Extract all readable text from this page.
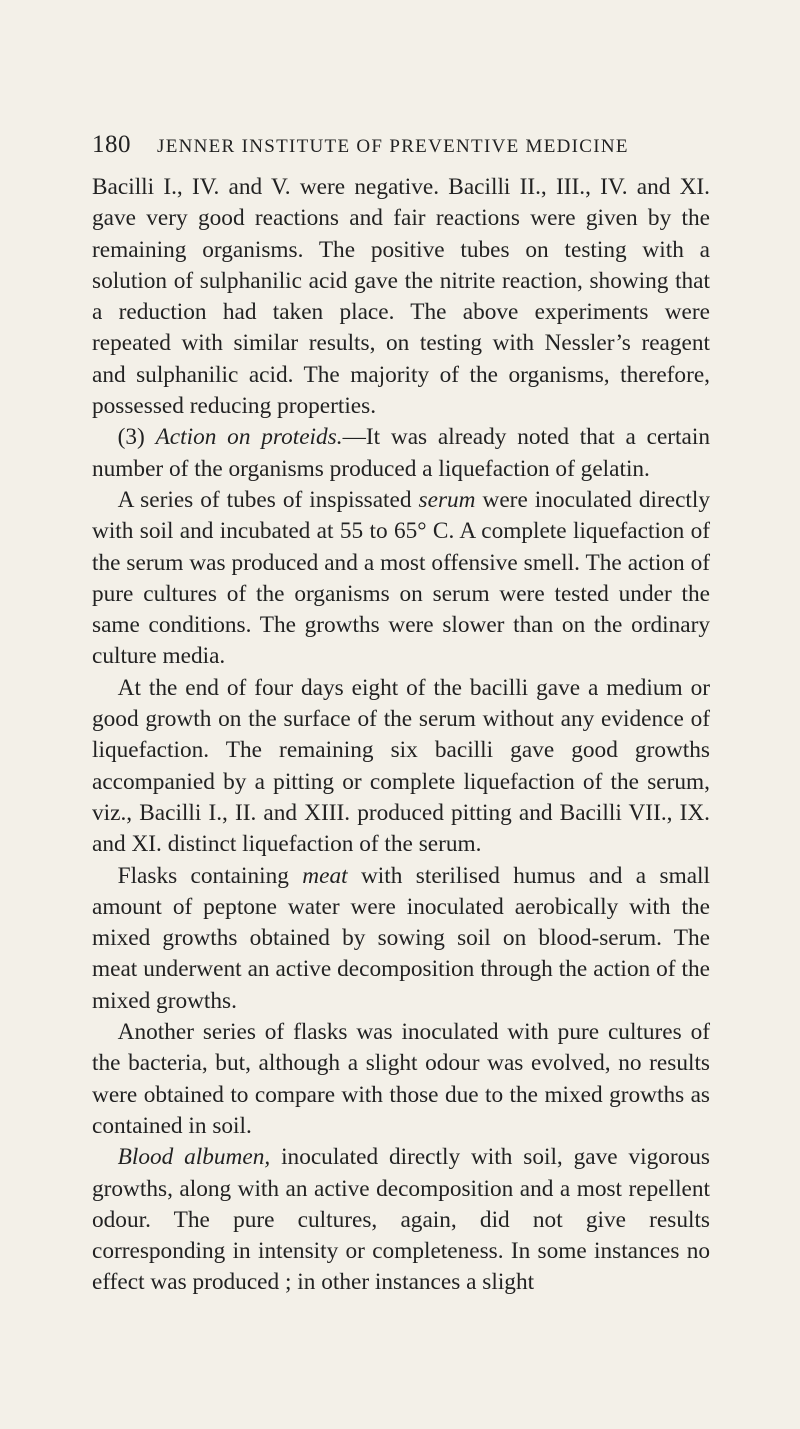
180 JENNER INSTITUTE OF PREVENTIVE MEDICINE

Bacilli I., IV. and V. were negative. Bacilli II., III., IV. and XI. gave very good reactions and fair reactions were given by the remaining organisms. The positive tubes on testing with a solution of sulphanilic acid gave the nitrite reaction, showing that a reduction had taken place. The above experiments were repeated with similar results, on testing with Nessler’s reagent and sulphanilic acid. The majority of the organisms, therefore, possessed reducing properties.

(3) Action on proteids.—It was already noted that a certain number of the organisms produced a liquefaction of gelatin.

A series of tubes of inspissated serum were inoculated directly with soil and incubated at 55 to 65° C. A complete liquefaction of the serum was produced and a most offensive smell. The action of pure cultures of the organisms on serum were tested under the same conditions. The growths were slower than on the ordinary culture media.

At the end of four days eight of the bacilli gave a medium or good growth on the surface of the serum without any evidence of liquefaction. The remaining six bacilli gave good growths accompanied by a pitting or complete liquefaction of the serum, viz., Bacilli I., II. and XIII. produced pitting and Bacilli VII., IX. and XI. distinct liquefaction of the serum.

Flasks containing meat with sterilised humus and a small amount of peptone water were inoculated aerobically with the mixed growths obtained by sowing soil on blood-serum. The meat underwent an active decomposition through the action of the mixed growths.

Another series of flasks was inoculated with pure cultures of the bacteria, but, although a slight odour was evolved, no results were obtained to compare with those due to the mixed growths as contained in soil.

Blood albumen, inoculated directly with soil, gave vigorous growths, along with an active decomposition and a most repellent odour. The pure cultures, again, did not give results corresponding in intensity or completeness. In some instances no effect was produced ; in other instances a slight
